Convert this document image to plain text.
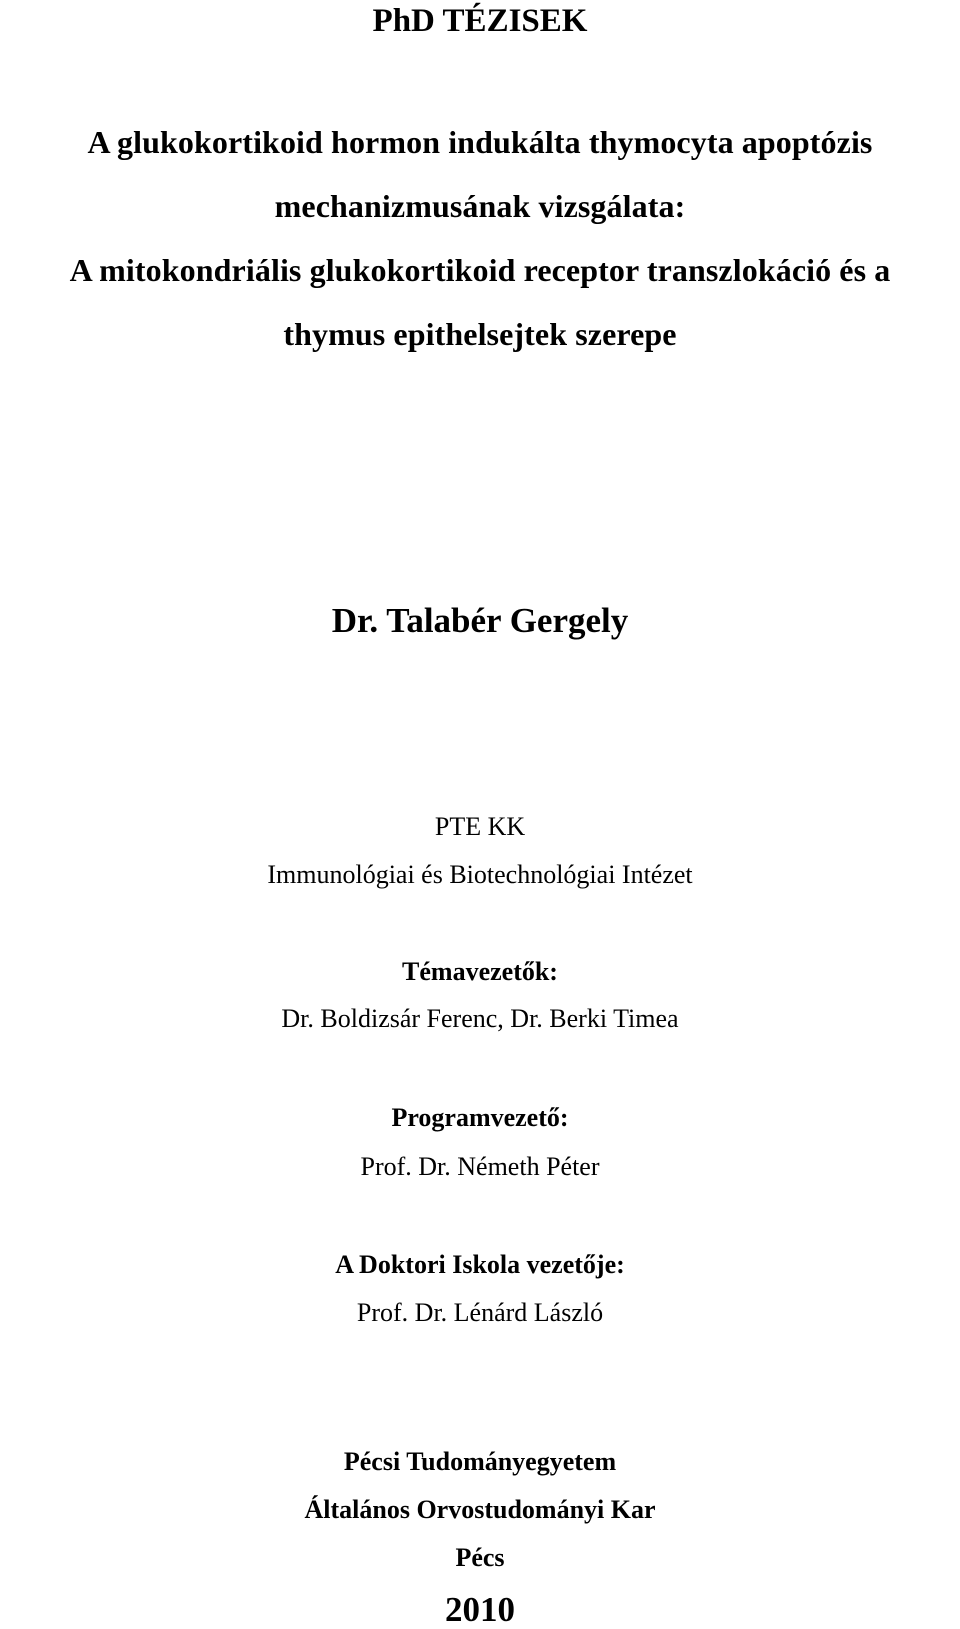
PhD TÉZISEK
A glukokortikoid hormon indukálta thymocyta apoptózis
mechanizmusának vizsgálata:
A mitokondriális glukokortikoid receptor transzlokáció és a
thymus epithelsejtek szerepe
Dr. Talabér Gergely
PTE KK
Immunológiai és Biotechnológiai Intézet
Témavezetők:
Dr. Boldizsár Ferenc, Dr. Berki Timea
Programvezető:
Prof. Dr. Németh Péter
A Doktori Iskola vezetője:
Prof. Dr. Lénárd László
Pécsi Tudományegyetem
Általános Orvostudományi Kar
Pécs
2010
